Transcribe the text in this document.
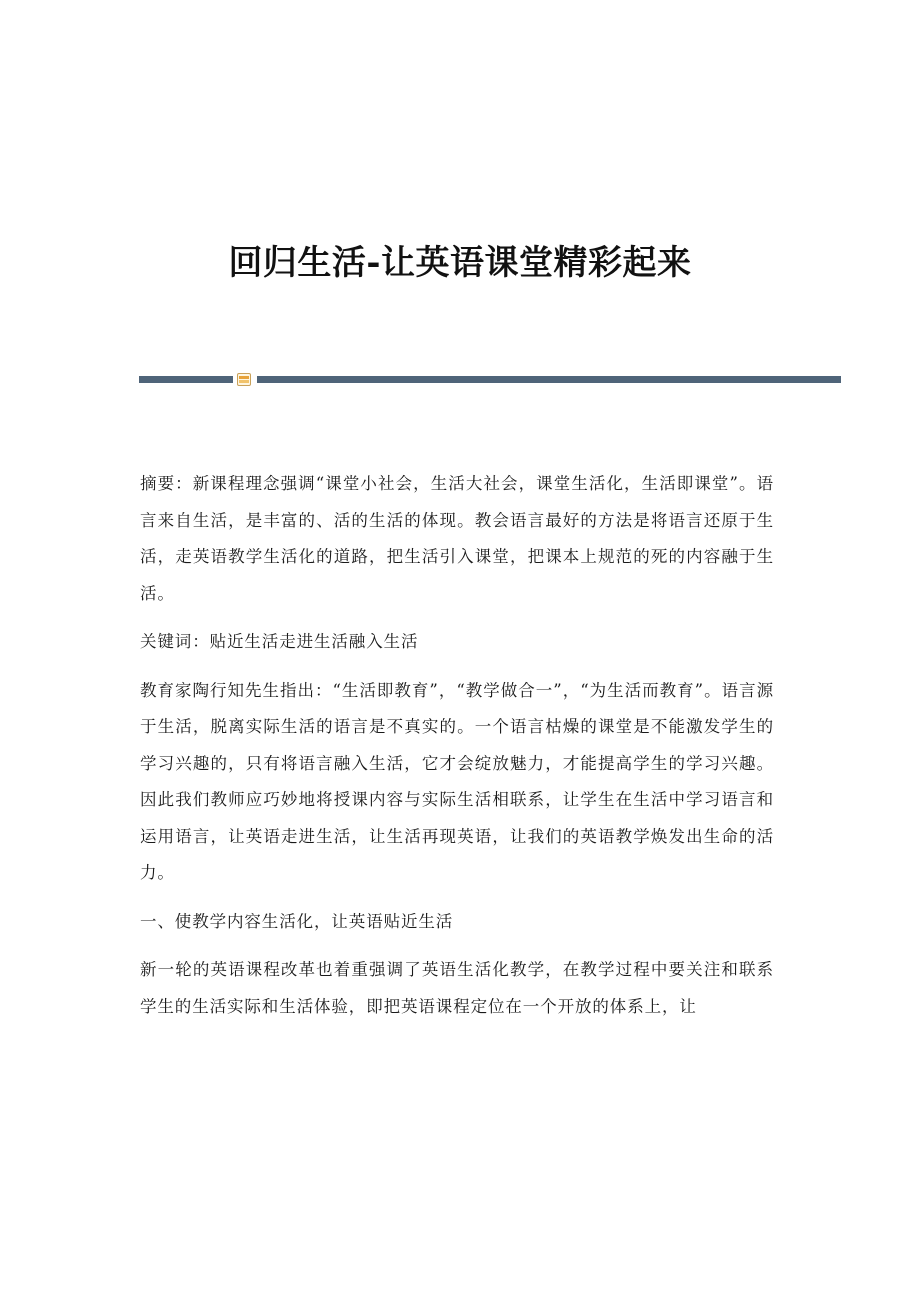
回归生活-让英语课堂精彩起来

摘要：新课程理念强调“课堂小社会，生活大社会，课堂生活化，生活即课堂”。语言来自生活，是丰富的、活的生活的体现。教会语言最好的方法是将语言还原于生活，走英语教学生活化的道路，把生活引入课堂，把课本上规范的死的内容融于生活。

关键词：贴近生活走进生活融入生活

教育家陶行知先生指出：“生活即教育”，“教学做合一”，“为生活而教育”。语言源于生活，脱离实际生活的语言是不真实的。一个语言枯燥的课堂是不能激发学生的学习兴趣的，只有将语言融入生活，它才会绽放魅力，才能提高学生的学习兴趣。因此我们教师应巧妙地将授课内容与实际生活相联系，让学生在生活中学习语言和运用语言，让英语走进生活，让生活再现英语，让我们的英语教学焕发出生命的活力。

一、使教学内容生活化，让英语贴近生活

新一轮的英语课程改革也着重强调了英语生活化教学，在教学过程中要关注和联系学生的生活实际和生活体验，即把英语课程定位在一个开放的体系上，让
